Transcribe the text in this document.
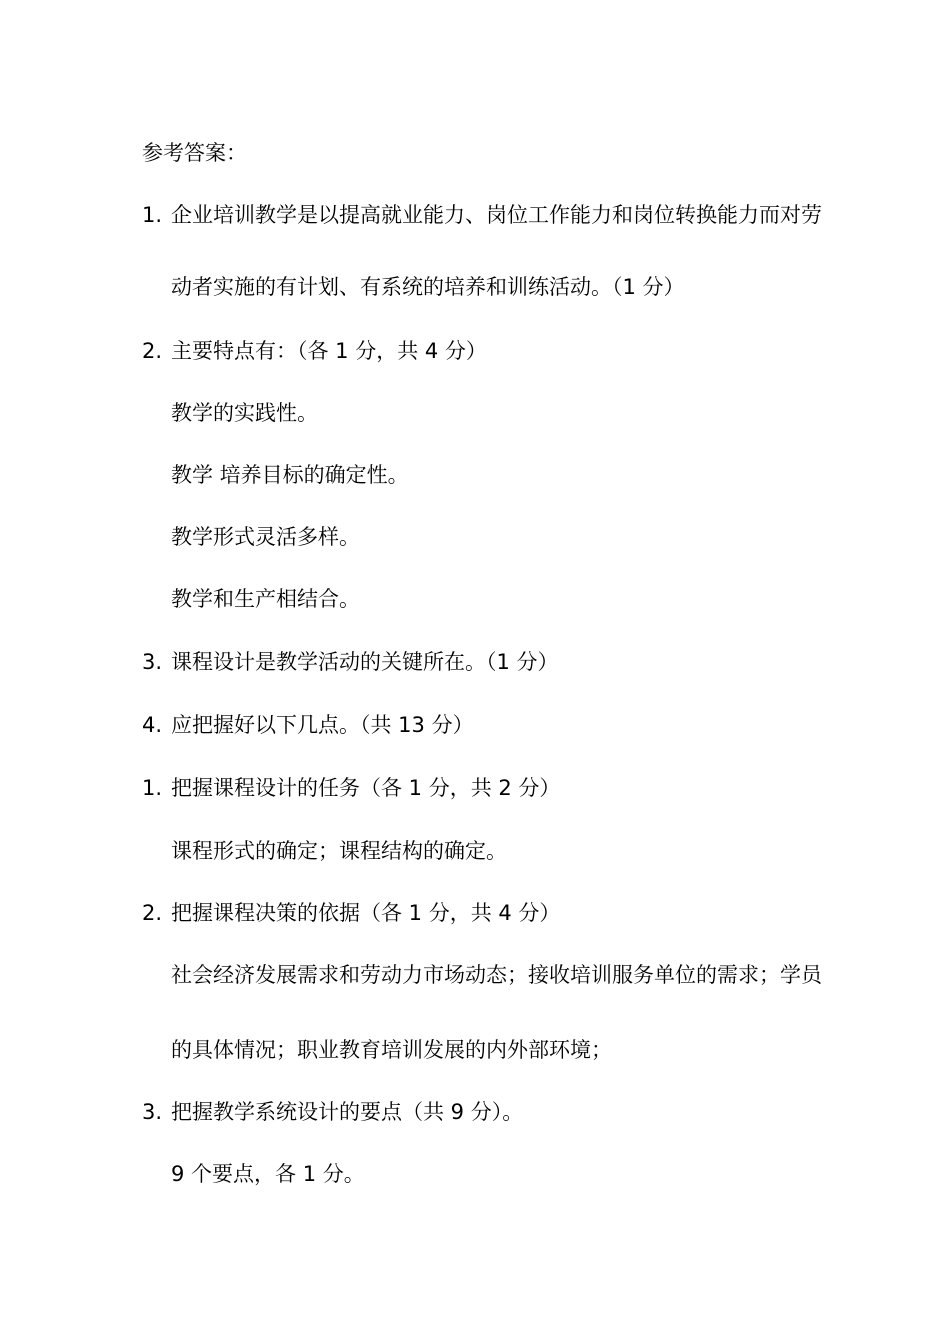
参考答案：
1. 企业培训教学是以提高就业能力、岗位工作能力和岗位转换能力而对劳
动者实施的有计划、有系统的培养和训练活动。（1 分）
2. 主要特点有：（各 1 分，共 4 分）
教学的实践性。
教学 培养目标的确定性。
教学形式灵活多样。
教学和生产相结合。
3. 课程设计是教学活动的关键所在。（1 分）
4. 应把握好以下几点。（共 13 分）
1. 把握课程设计的任务（各 1 分，共 2 分）
课程形式的确定；课程结构的确定。
2. 把握课程决策的依据（各 1 分，共 4 分）
社会经济发展需求和劳动力市场动态；接收培训服务单位的需求；学员
的具体情况；职业教育培训发展的内外部环境；
3. 把握教学系统设计的要点（共 9 分）。
9 个要点，各 1 分。
